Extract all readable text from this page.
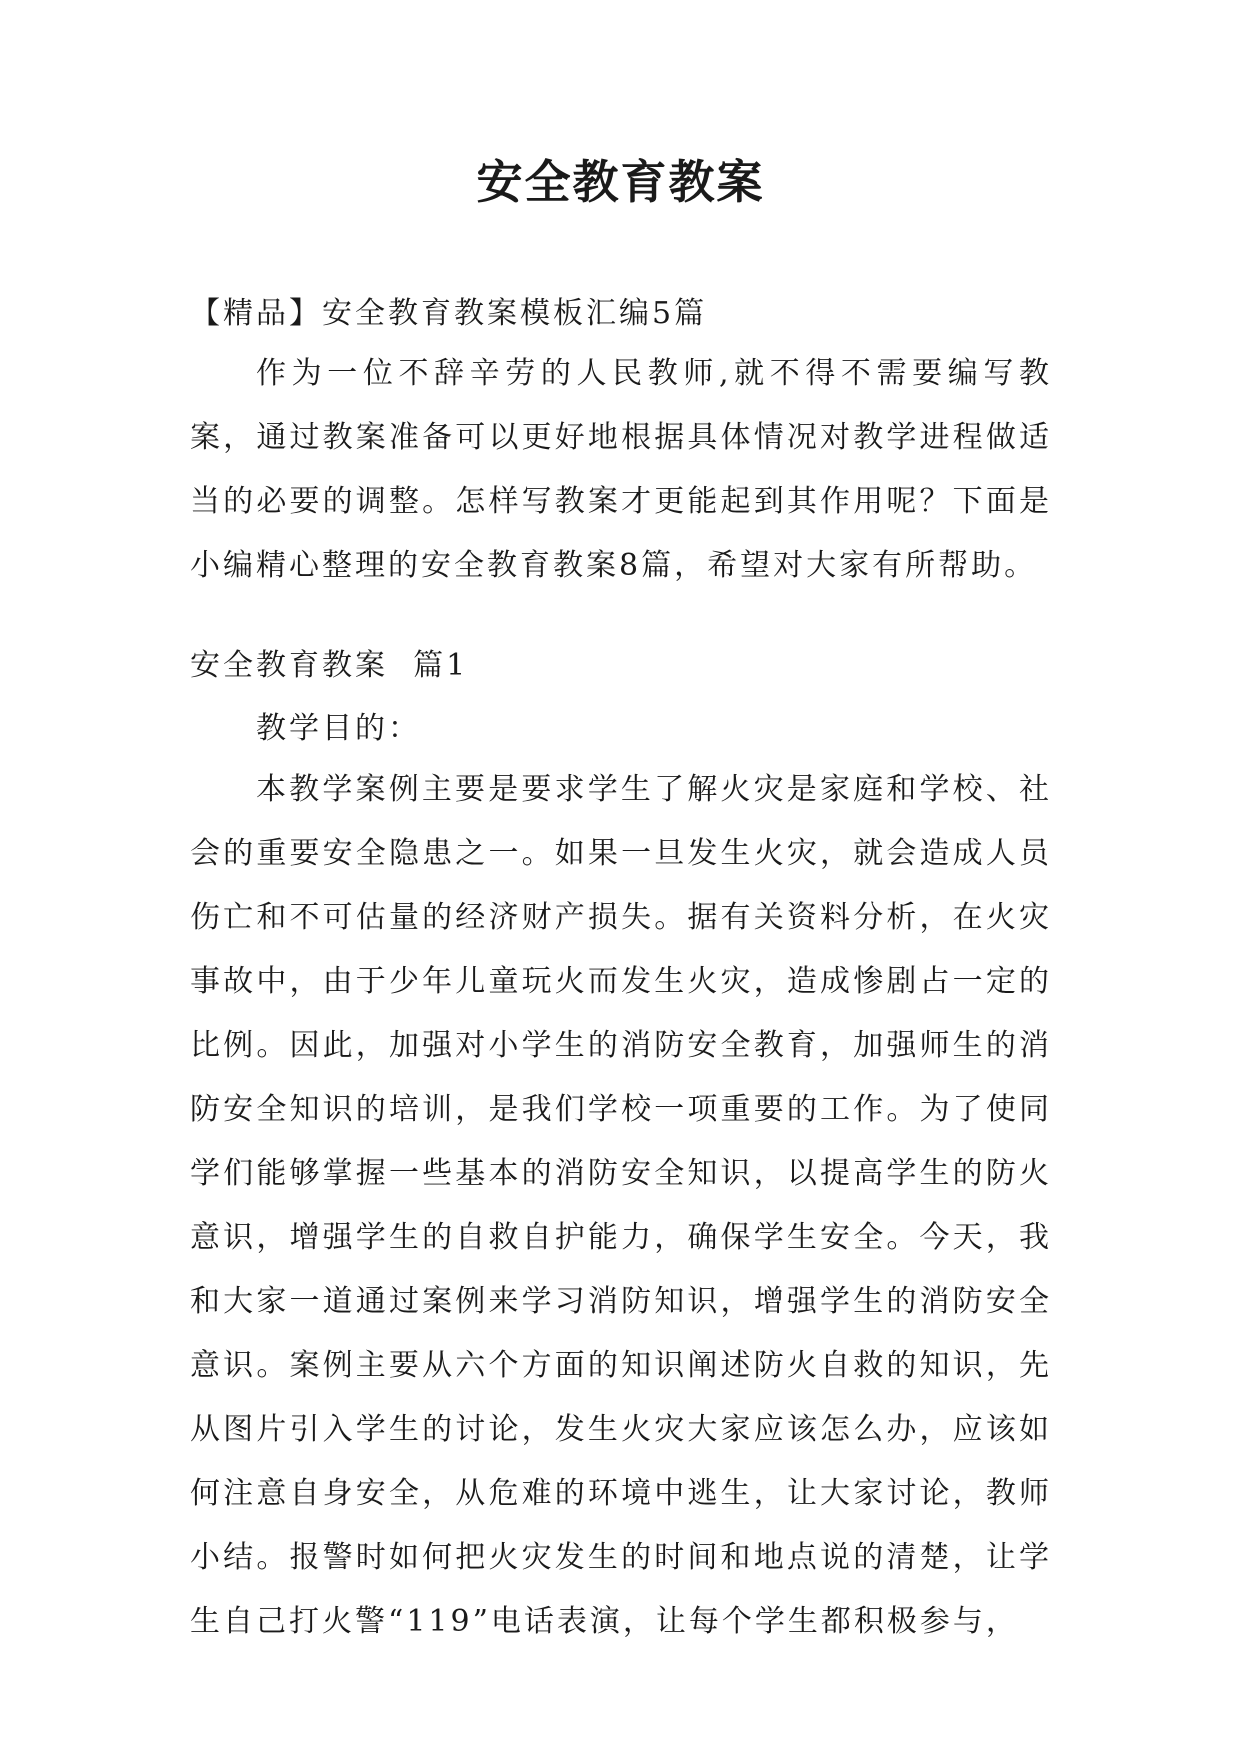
安全教育教案

【精品】安全教育教案模板汇编5篇

作为一位不辞辛劳的人民教师,就不得不需要编写教案，通过教案准备可以更好地根据具体情况对教学进程做适当的必要的调整。怎样写教案才更能起到其作用呢？下面是小编精心整理的安全教育教案8篇，希望对大家有所帮助。

安全教育教案  篇1

教学目的：

本教学案例主要是要求学生了解火灾是家庭和学校、社会的重要安全隐患之一。如果一旦发生火灾，就会造成人员伤亡和不可估量的经济财产损失。据有关资料分析，在火灾事故中，由于少年儿童玩火而发生火灾，造成惨剧占一定的比例。因此，加强对小学生的消防安全教育，加强师生的消防安全知识的培训，是我们学校一项重要的工作。为了使同学们能够掌握一些基本的消防安全知识，以提高学生的防火意识，增强学生的自救自护能力，确保学生安全。今天，我和大家一道通过案例来学习消防知识，增强学生的消防安全意识。案例主要从六个方面的知识阐述防火自救的知识，先从图片引入学生的讨论，发生火灾大家应该怎么办，应该如何注意自身安全，从危难的环境中逃生，让大家讨论，教师小结。报警时如何把火灾发生的时间和地点说的清楚，让学生自己打火警“119”电话表演，让每个学生都积极参与，
